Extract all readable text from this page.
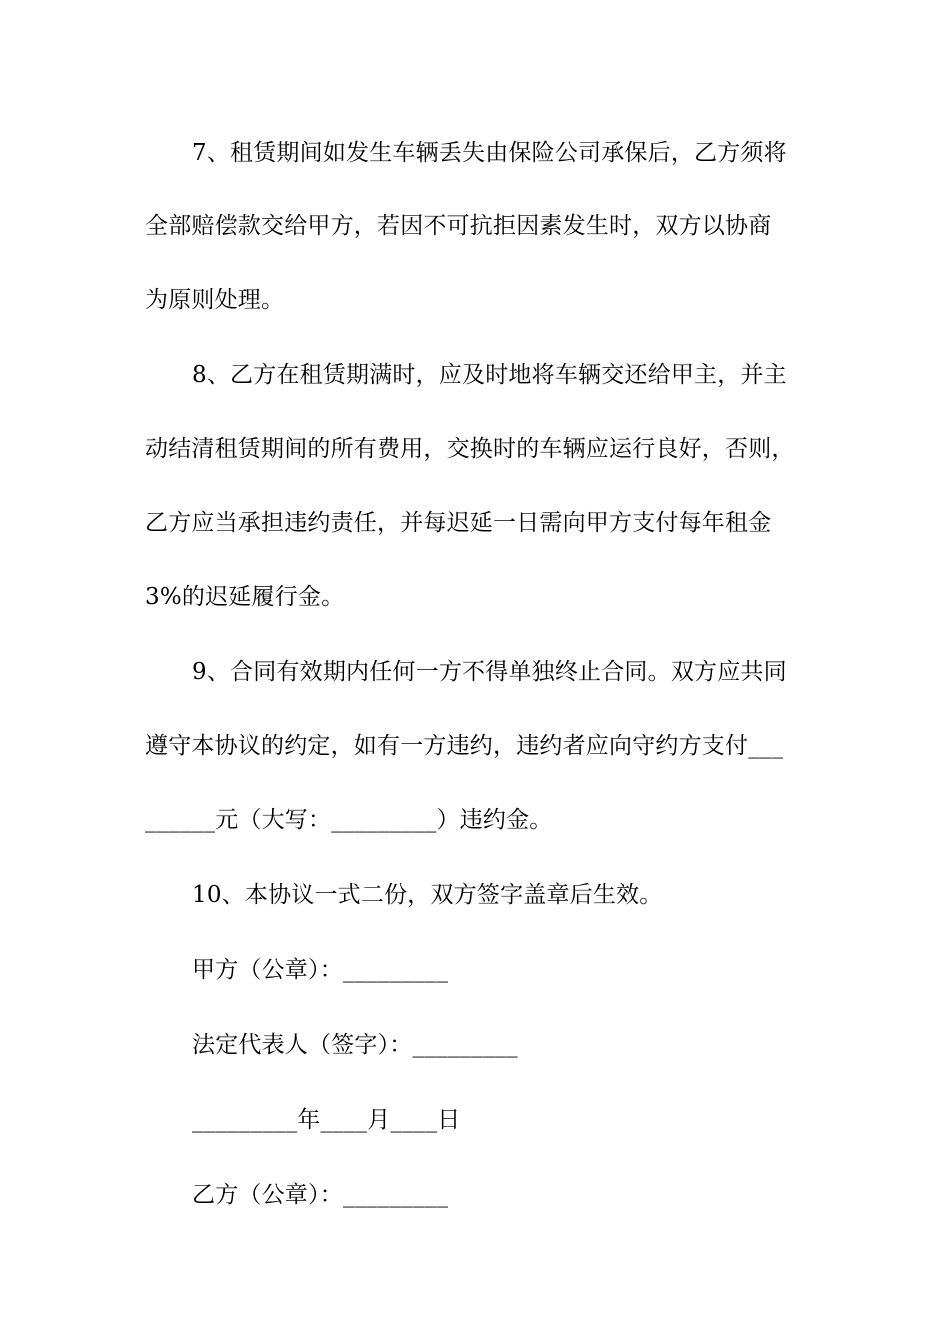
7、租赁期间如发生车辆丢失由保险公司承保后，乙方须将
全部赔偿款交给甲方，若因不可抗拒因素发生时，双方以协商
为原则处理。
8、乙方在租赁期满时，应及时地将车辆交还给甲主，并主
动结清租赁期间的所有费用，交换时的车辆应运行良好，否则，
乙方应当承担违约责任，并每迟延一日需向甲方支付每年租金
3%的迟延履行金。
9、合同有效期内任何一方不得单独终止合同。双方应共同
遵守本协议的约定，如有一方违约，违约者应向守约方支付___
______元（大写：_________）违约金。
10、本协议一式二份，双方签字盖章后生效。
甲方（公章）：_________
法定代表人（签字）：_________
_________年____月____日
乙方（公章）：_________
